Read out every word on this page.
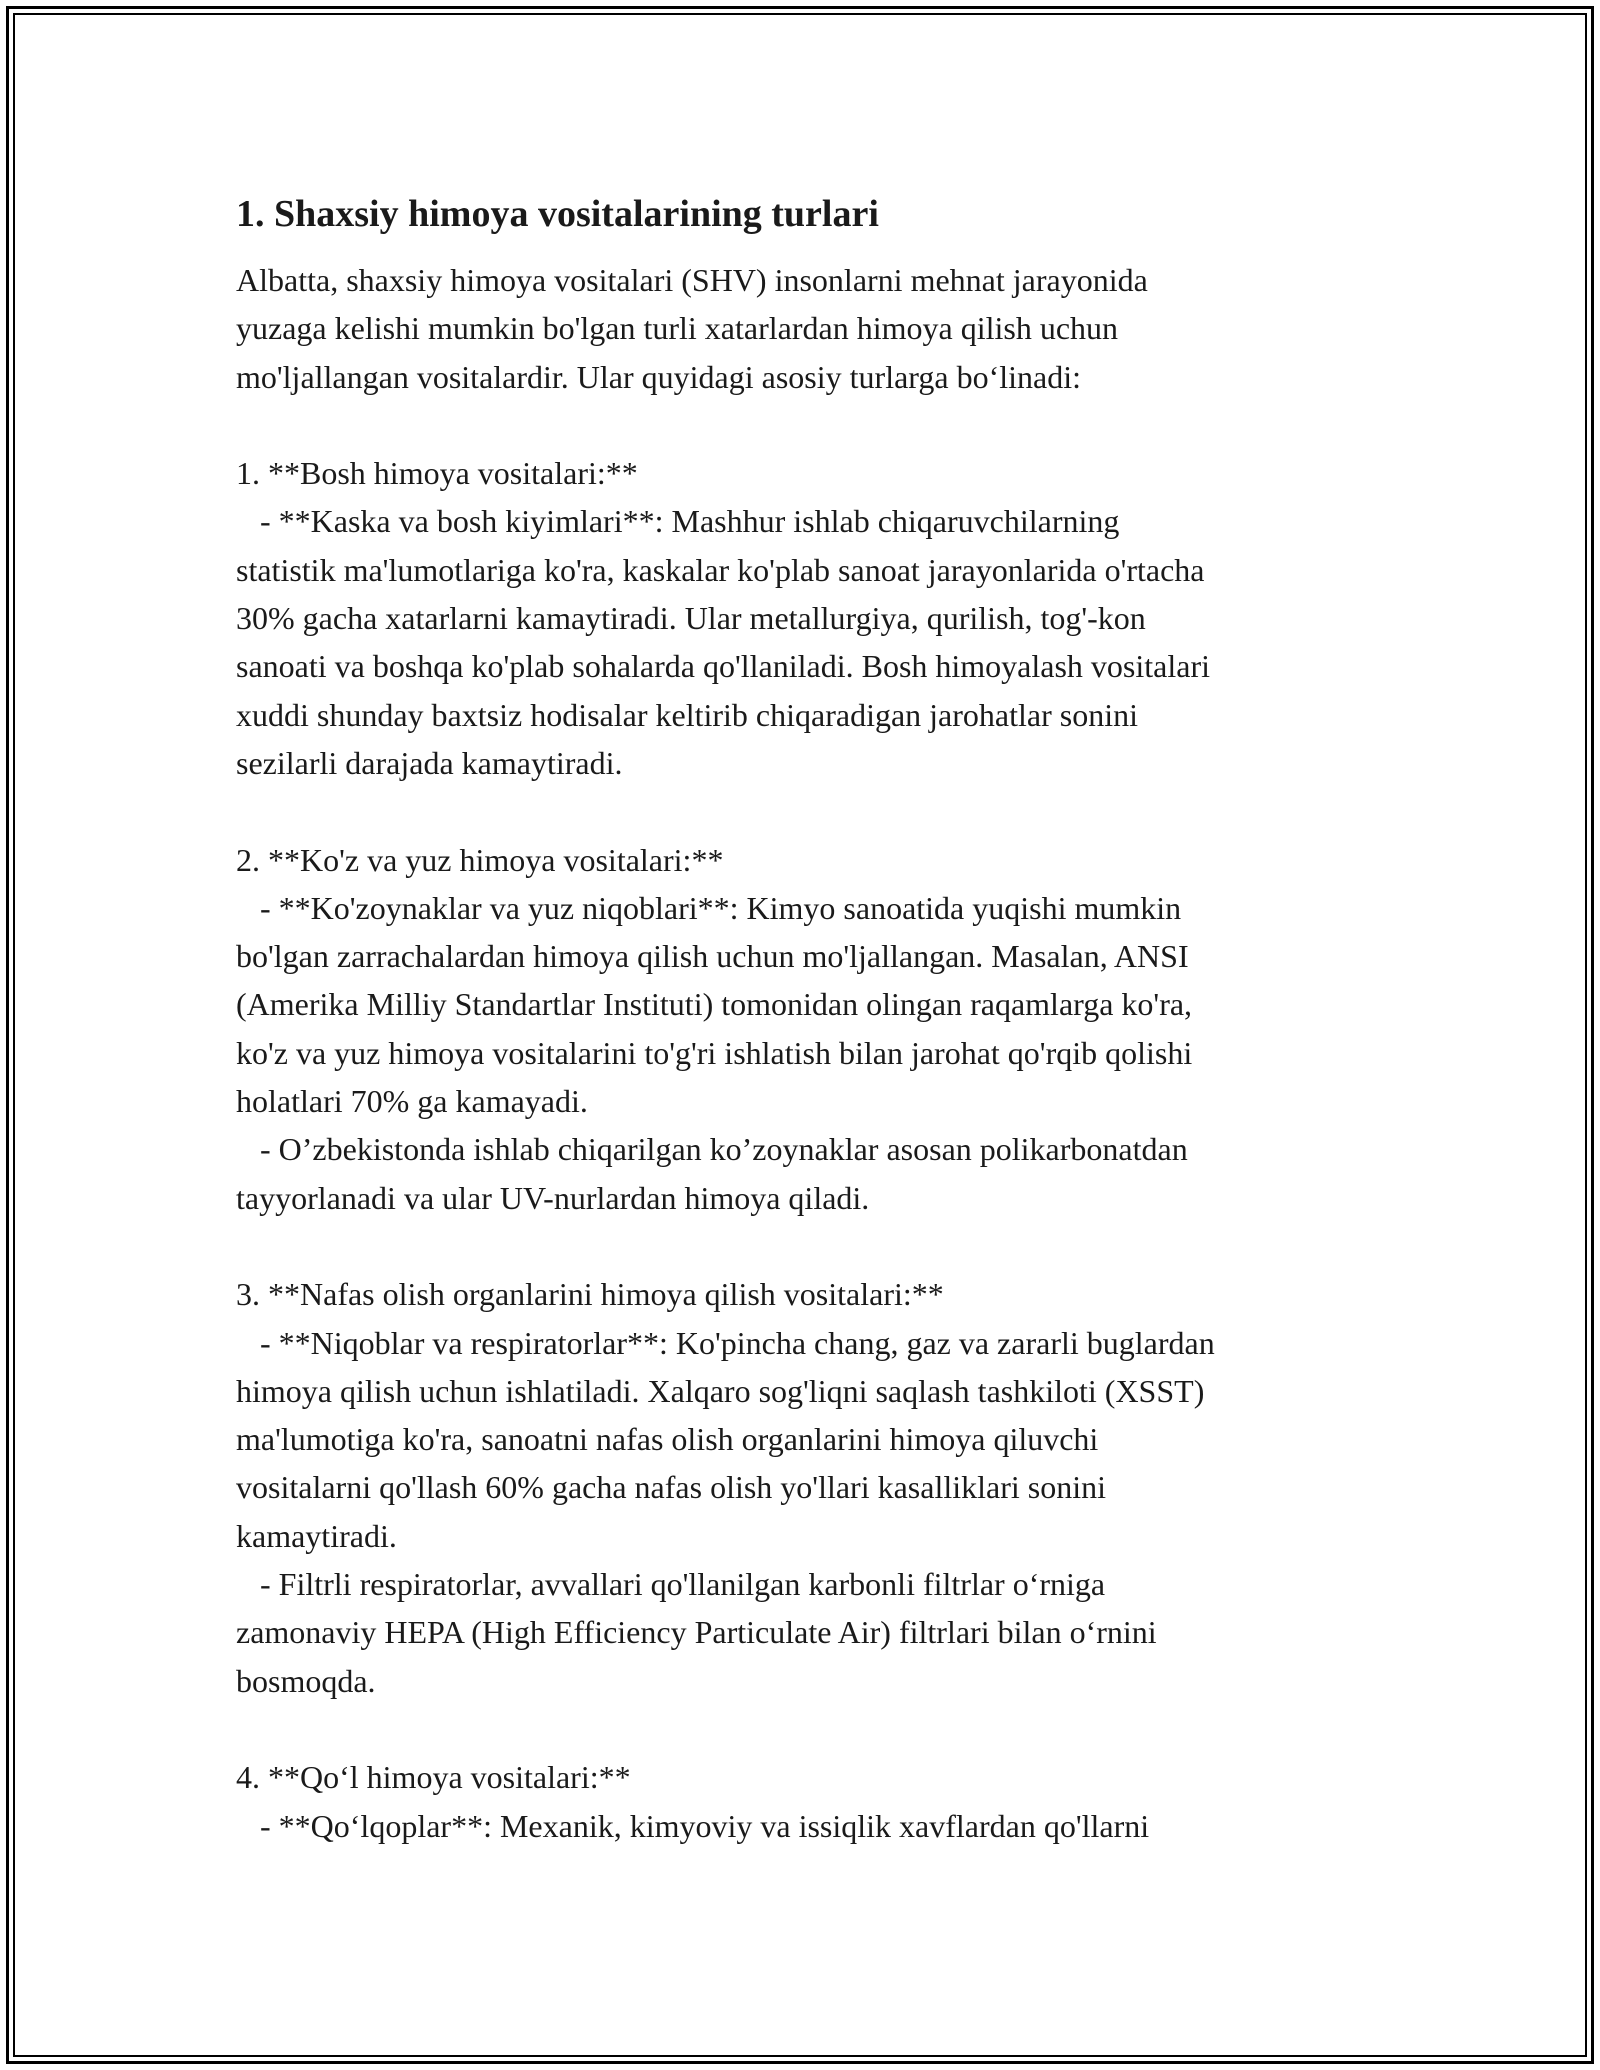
1. Shaxsiy himoya vositalarining turlari
Albatta, shaxsiy himoya vositalari (SHV) insonlarni mehnat jarayonida
yuzaga kelishi mumkin bo'lgan turli xatarlardan himoya qilish uchun
mo'ljallangan vositalardir. Ular quyidagi asosiy turlarga bo‘linadi:

1. **Bosh himoya vositalari:**
- **Kaska va bosh kiyimlari**: Mashhur ishlab chiqaruvchilarning
statistik ma'lumotlariga ko'ra, kaskalar ko'plab sanoat jarayonlarida o'rtacha
30% gacha xatarlarni kamaytiradi. Ular metallurgiya, qurilish, tog'-kon
sanoati va boshqa ko'plab sohalarda qo'llaniladi. Bosh himoyalash vositalari
xuddi shunday baxtsiz hodisalar keltirib chiqaradigan jarohatlar sonini
sezilarli darajada kamaytiradi.

2. **Ko'z va yuz himoya vositalari:**
- **Ko'zoynaklar va yuz niqoblari**: Kimyo sanoatida yuqishi mumkin
bo'lgan zarrachalardan himoya qilish uchun mo'ljallangan. Masalan, ANSI
(Amerika Milliy Standartlar Instituti) tomonidan olingan raqamlarga ko'ra,
ko'z va yuz himoya vositalarini to'g'ri ishlatish bilan jarohat qo'rqib qolishi
holatlari 70% ga kamayadi.
- O’zbekistonda ishlab chiqarilgan ko’zoynaklar asosan polikarbonatdan
tayyorlanadi va ular UV-nurlardan himoya qiladi.

3. **Nafas olish organlarini himoya qilish vositalari:**
- **Niqoblar va respiratorlar**: Ko'pincha chang, gaz va zararli buglardan
himoya qilish uchun ishlatiladi. Xalqaro sog'liqni saqlash tashkiloti (XSST)
ma'lumotiga ko'ra, sanoatni nafas olish organlarini himoya qiluvchi
vositalarni qo'llash 60% gacha nafas olish yo'llari kasalliklari sonini
kamaytiradi.
- Filtrli respiratorlar, avvallari qo'llanilgan karbonli filtrlar o‘rniga
zamonaviy HEPA (High Efficiency Particulate Air) filtrlari bilan o‘rnini
bosmoqda.

4. **Qo‘l himoya vositalari:**
- **Qo‘lqoplar**: Mexanik, kimyoviy va issiqlik xavflardan qo'llarni
